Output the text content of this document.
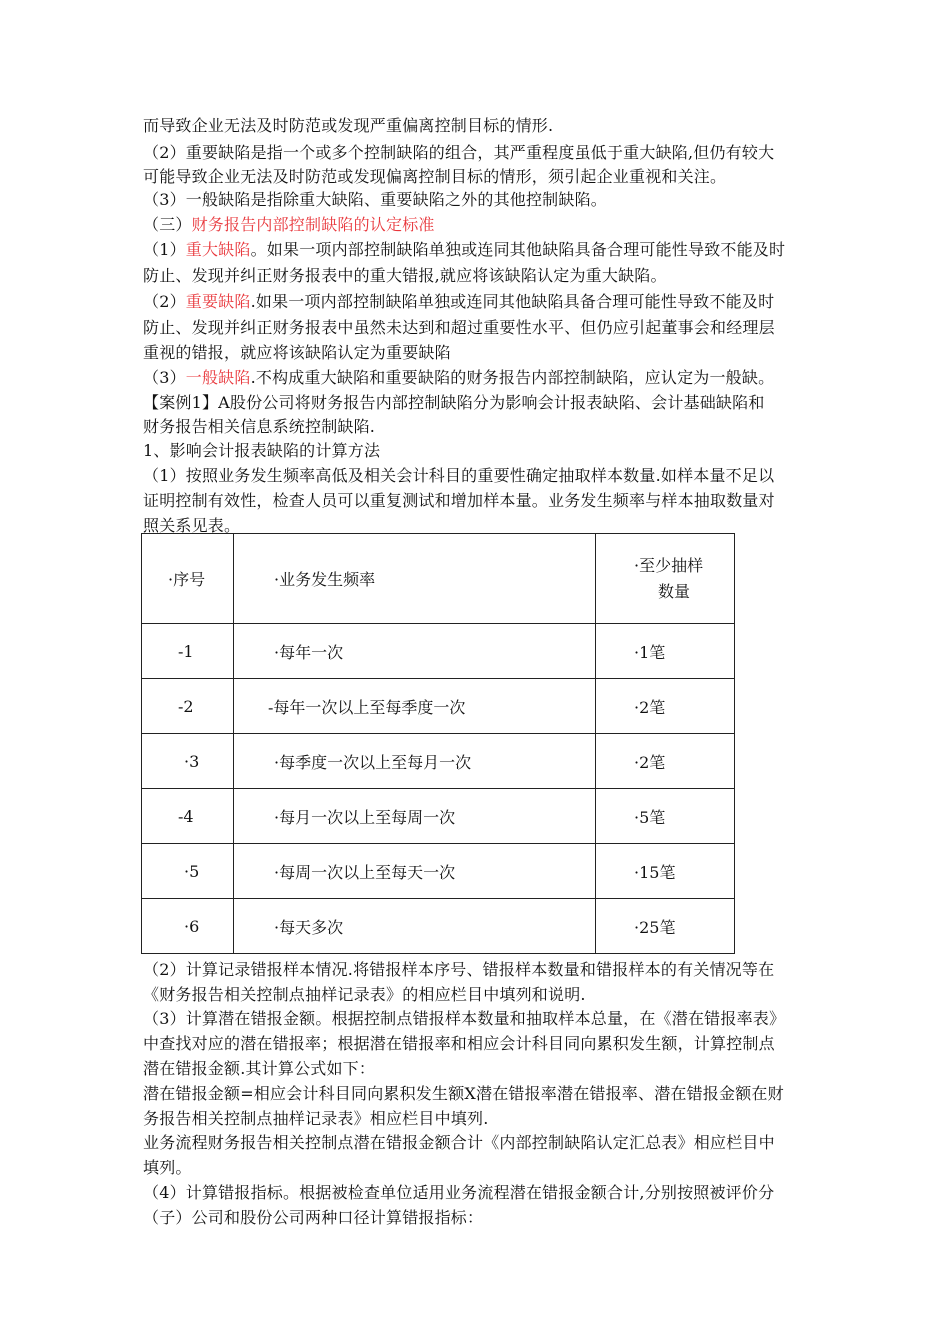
而导致企业无法及时防范或发现严重偏离控制目标的情形.
（2）重要缺陷是指一个或多个控制缺陷的组合，其严重程度虽低于重大缺陷,但仍有较大
可能导致企业无法及时防范或发现偏离控制目标的情形，须引起企业重视和关注。
（3）一般缺陷是指除重大缺陷、重要缺陷之外的其他控制缺陷。
（三）财务报告内部控制缺陷的认定标准
（1）重大缺陷。如果一项内部控制缺陷单独或连同其他缺陷具备合理可能性导致不能及时
防止、发现并纠正财务报表中的重大错报,就应将该缺陷认定为重大缺陷。
（2）重要缺陷.如果一项内部控制缺陷单独或连同其他缺陷具备合理可能性导致不能及时
防止、发现并纠正财务报表中虽然未达到和超过重要性水平、但仍应引起董事会和经理层
重视的错报，就应将该缺陷认定为重要缺陷
（3）一般缺陷.不构成重大缺陷和重要缺陷的财务报告内部控制缺陷，应认定为一般缺。
【案例1】A股份公司将财务报告内部控制缺陷分为影响会计报表缺陷、会计基础缺陷和
财务报告相关信息系统控制缺陷.
1、影响会计报表缺陷的计算方法
（1）按照业务发生频率高低及相关会计科目的重要性确定抽取样本数量.如样本量不足以
证明控制有效性，检查人员可以重复测试和增加样本量。业务发生频率与样本抽取数量对
照关系见表。
·序号	·业务发生频率	·至少抽样
数量

-1	·每年一次	·1笔

-2	-每年一次以上至每季度一次	·2笔

·3	·每季度一次以上至每月一次	·2笔

-4	·每月一次以上至每周一次	·5笔

·5	·每周一次以上至每天一次	·15笔

·6	·每天多次	·25笔
（2）计算记录错报样本情况.将错报样本序号、错报样本数量和错报样本的有关情况等在
《财务报告相关控制点抽样记录表》的相应栏目中填列和说明.
（3）计算潜在错报金额。根据控制点错报样本数量和抽取样本总量，在《潜在错报率表》
中查找对应的潜在错报率；根据潜在错报率和相应会计科目同向累积发生额，计算控制点
潜在错报金额.其计算公式如下：
潜在错报金额=相应会计科目同向累积发生额X潜在错报率潜在错报率、潜在错报金额在财
务报告相关控制点抽样记录表》相应栏目中填列.
业务流程财务报告相关控制点潜在错报金额合计《内部控制缺陷认定汇总表》相应栏目中
填列。
（4）计算错报指标。根据被检查单位适用业务流程潜在错报金额合计,分别按照被评价分
（子）公司和股份公司两种口径计算错报指标：
